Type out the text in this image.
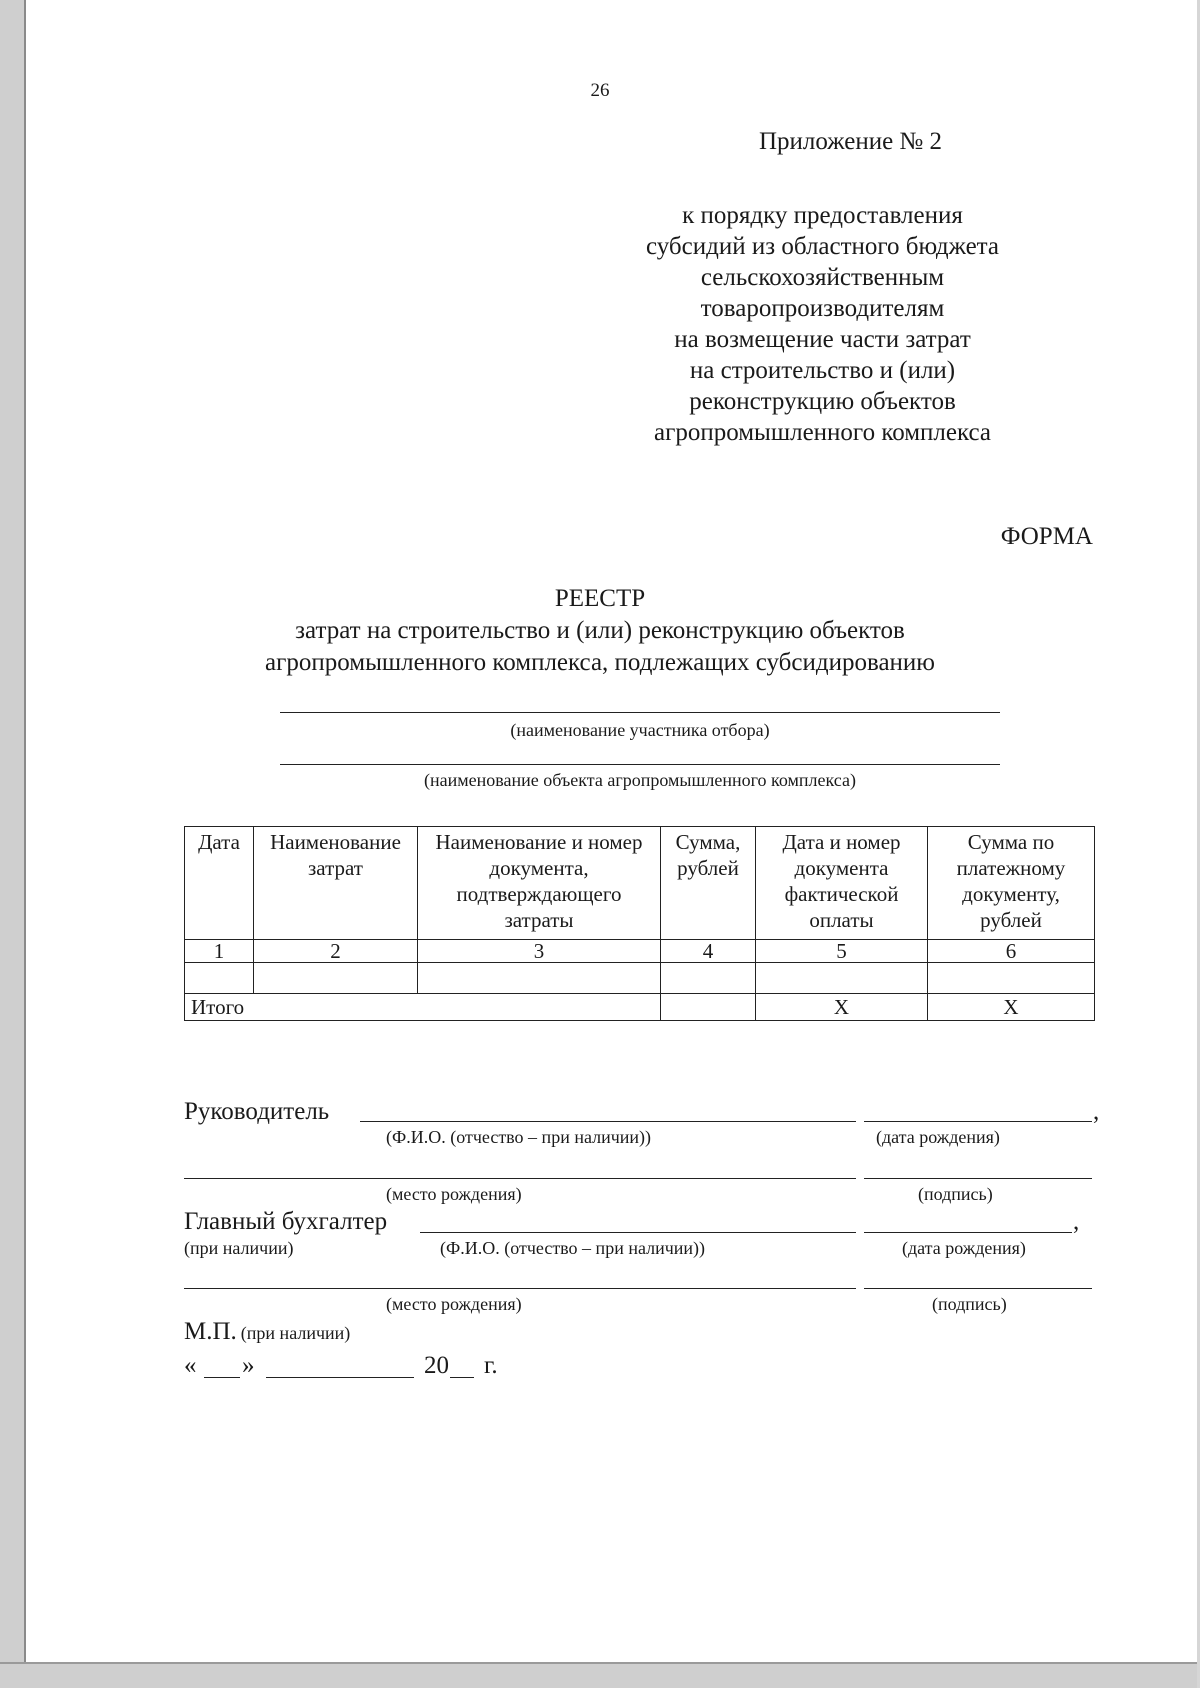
26
Приложение № 2
к порядку предоставления
субсидий из областного бюджета
сельскохозяйственным
товаропроизводителям
на возмещение части затрат
на строительство и (или)
реконструкцию объектов
агропромышленного комплекса
ФОРМА
РЕЕСТР
затрат на строительство и (или) реконструкцию объектов
агропромышленного комплекса, подлежащих субсидированию
(наименование участника отбора)
(наименование объекта агропромышленного комплекса)
Дата	Наименование затрат	Наименование и номер документа, подтверждающего затраты	Сумма, рублей	Дата и номер документа фактической оплаты	Сумма по платежному документу, рублей
1	2	3	4	5	6

Итого				X	X
Руководитель	,
(Ф.И.О. (отчество – при наличии))	(дата рождения)
(место рождения)	(подпись)
Главный бухгалтер	,
(при наличии)	(Ф.И.О. (отчество – при наличии))	(дата рождения)
(место рождения)	(подпись)
М.П. (при наличии)
« »	20 г.
